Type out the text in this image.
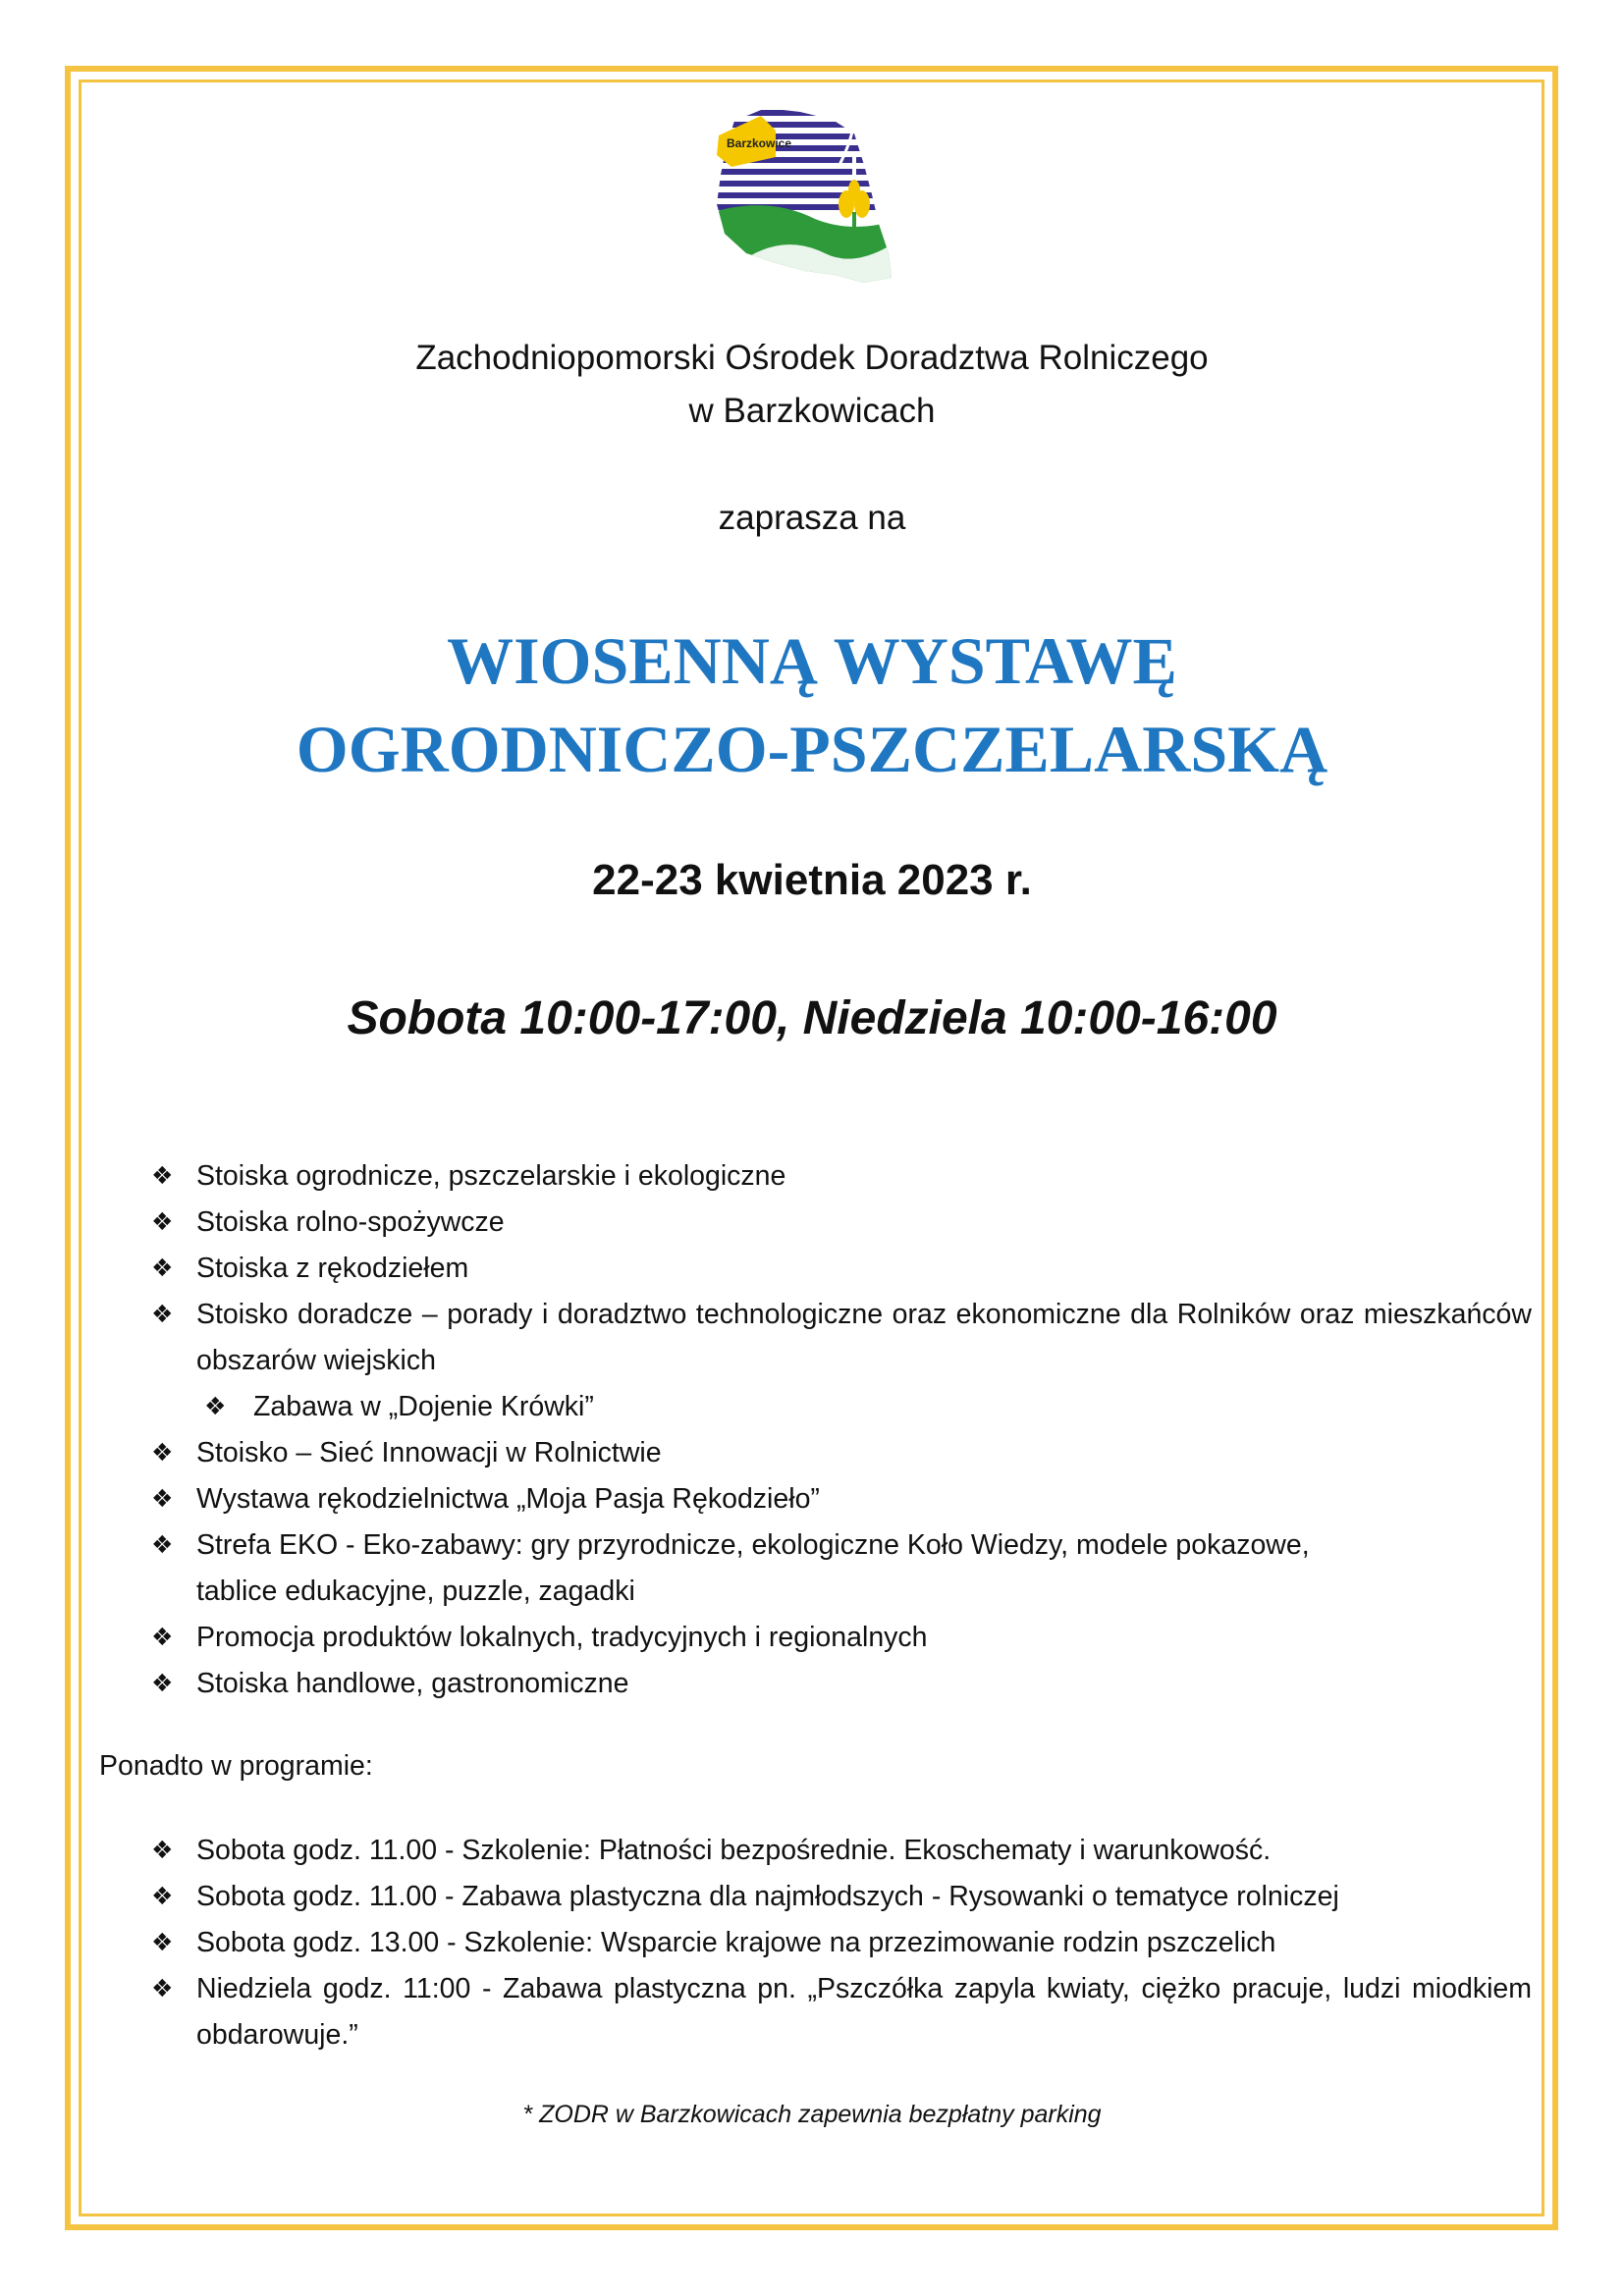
Barzkowice
Zachodniopomorski Ośrodek Doradztwa Rolniczego
w Barzkowicach
zaprasza na
WIOSENNĄ WYSTAWĘ
OGRODNICZO-PSZCZELARSKĄ
22-23 kwietnia 2023 r.
Sobota 10:00-17:00, Niedziela 10:00-16:00
❖ Stoiska ogrodnicze, pszczelarskie i ekologiczne
❖ Stoiska rolno-spożywcze
❖ Stoiska z rękodziełem
❖ Stoisko doradcze – porady i doradztwo technologiczne oraz ekonomiczne dla Rolników oraz mieszkańców obszarów wiejskich
❖ Zabawa w „Dojenie Krówki”
❖ Stoisko – Sieć Innowacji w Rolnictwie
❖ Wystawa rękodzielnictwa „Moja Pasja Rękodzieło”
❖ Strefa EKO - Eko-zabawy: gry przyrodnicze, ekologiczne Koło Wiedzy, modele pokazowe, tablice edukacyjne, puzzle, zagadki
❖ Promocja produktów lokalnych, tradycyjnych i regionalnych
❖ Stoiska handlowe, gastronomiczne
Ponadto w programie:
❖ Sobota godz. 11.00 - Szkolenie: Płatności bezpośrednie. Ekoschematy i warunkowość.
❖ Sobota godz. 11.00 - Zabawa plastyczna dla najmłodszych - Rysowanki o tematyce rolniczej
❖ Sobota godz. 13.00 - Szkolenie: Wsparcie krajowe na przezimowanie rodzin pszczelich
❖ Niedziela godz. 11:00 - Zabawa plastyczna pn. „Pszczółka zapyla kwiaty, ciężko pracuje, ludzi miodkiem obdarowuje.”
* ZODR w Barzkowicach zapewnia bezpłatny parking
